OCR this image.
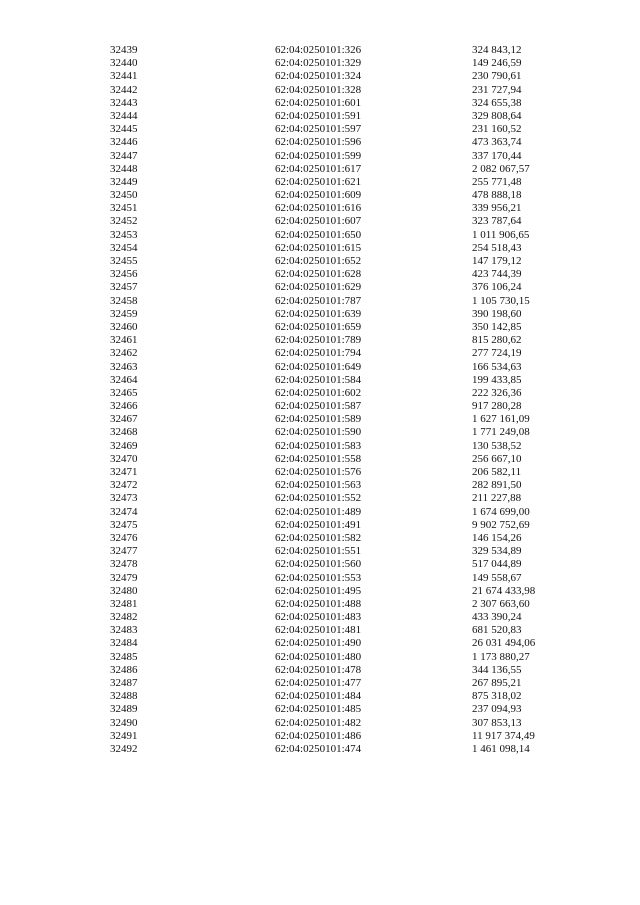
32439	62:04:0250101:326	324 843,12
32440	62:04:0250101:329	149 246,59
32441	62:04:0250101:324	230 790,61
32442	62:04:0250101:328	231 727,94
32443	62:04:0250101:601	324 655,38
32444	62:04:0250101:591	329 808,64
32445	62:04:0250101:597	231 160,52
32446	62:04:0250101:596	473 363,74
32447	62:04:0250101:599	337 170,44
32448	62:04:0250101:617	2 082 067,57
32449	62:04:0250101:621	255 771,48
32450	62:04:0250101:609	478 888,18
32451	62:04:0250101:616	339 956,21
32452	62:04:0250101:607	323 787,64
32453	62:04:0250101:650	1 011 906,65
32454	62:04:0250101:615	254 518,43
32455	62:04:0250101:652	147 179,12
32456	62:04:0250101:628	423 744,39
32457	62:04:0250101:629	376 106,24
32458	62:04:0250101:787	1 105 730,15
32459	62:04:0250101:639	390 198,60
32460	62:04:0250101:659	350 142,85
32461	62:04:0250101:789	815 280,62
32462	62:04:0250101:794	277 724,19
32463	62:04:0250101:649	166 534,63
32464	62:04:0250101:584	199 433,85
32465	62:04:0250101:602	222 326,36
32466	62:04:0250101:587	917 280,28
32467	62:04:0250101:589	1 627 161,09
32468	62:04:0250101:590	1 771 249,08
32469	62:04:0250101:583	130 538,52
32470	62:04:0250101:558	256 667,10
32471	62:04:0250101:576	206 582,11
32472	62:04:0250101:563	282 891,50
32473	62:04:0250101:552	211 227,88
32474	62:04:0250101:489	1 674 699,00
32475	62:04:0250101:491	9 902 752,69
32476	62:04:0250101:582	146 154,26
32477	62:04:0250101:551	329 534,89
32478	62:04:0250101:560	517 044,89
32479	62:04:0250101:553	149 558,67
32480	62:04:0250101:495	21 674 433,98
32481	62:04:0250101:488	2 307 663,60
32482	62:04:0250101:483	433 390,24
32483	62:04:0250101:481	681 520,83
32484	62:04:0250101:490	26 031 494,06
32485	62:04:0250101:480	1 173 880,27
32486	62:04:0250101:478	344 136,55
32487	62:04:0250101:477	267 895,21
32488	62:04:0250101:484	875 318,02
32489	62:04:0250101:485	237 094,93
32490	62:04:0250101:482	307 853,13
32491	62:04:0250101:486	11 917 374,49
32492	62:04:0250101:474	1 461 098,14
